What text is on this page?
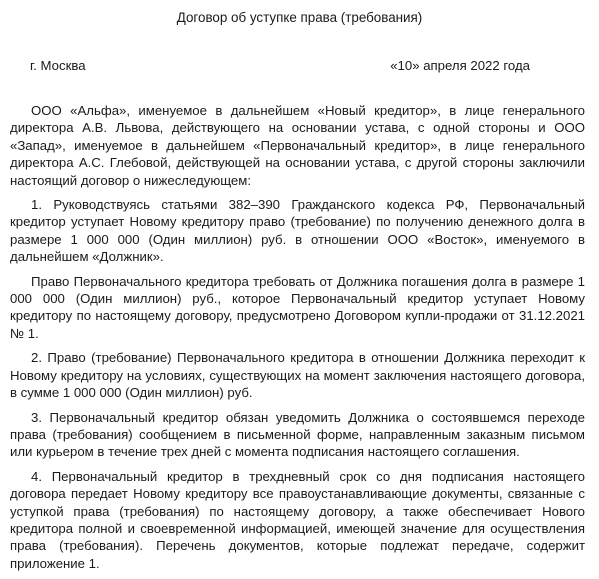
Договор об уступке права (требования)
г. Москва	«10» апреля 2022 года

ООО «Альфа», именуемое в дальнейшем «Новый кредитор», в лице генерального директора А.В. Львова, действующего на основании устава, с одной стороны и ООО «Запад», именуемое в дальнейшем «Первоначальный кредитор», в лице генерального директора А.С. Глебовой, действующей на основании устава, с другой стороны заключили настоящий договор о нижеследующем:

1. Руководствуясь статьями 382–390 Гражданского кодекса РФ, Первоначальный кредитор уступает Новому кредитору право (требование) по получению денежного долга в размере 1 000 000 (Один миллион) руб. в отношении ООО «Восток», именуемого в дальнейшем «Должник».

Право Первоначального кредитора требовать от Должника погашения долга в размере 1 000 000 (Один миллион) руб., которое Первоначальный кредитор уступает Новому кредитору по настоящему договору, предусмотрено Договором купли-продажи от 31.12.2021 № 1.

2. Право (требование) Первоначального кредитора в отношении Должника переходит к Новому кредитору на условиях, существующих на момент заключения настоящего договора, в сумме 1 000 000 (Один миллион) руб.

3. Первоначальный кредитор обязан уведомить Должника о состоявшемся переходе права (требования) сообщением в письменной форме, направленным заказным письмом или курьером в течение трех дней с момента подписания настоящего соглашения.

4. Первоначальный кредитор в трехдневный срок со дня подписания настоящего договора передает Новому кредитору все правоустанавливающие документы, связанные с уступкой права (требования) по настоящему договору, а также обеспечивает Нового кредитора полной и своевременной информацией, имеющей значение для осуществления права (требования). Перечень документов, которые подлежат передаче, содержит приложение 1.
